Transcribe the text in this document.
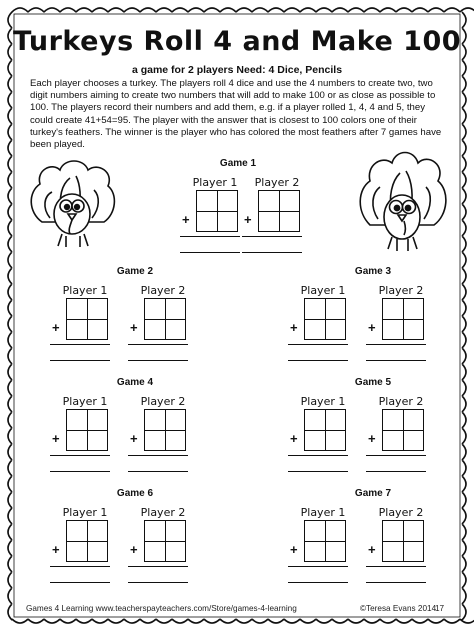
Turkeys Roll 4 and Make 100
a game for 2 players Need: 4 Dice, Pencils
Each player chooses a turkey. The players roll 4 dice and use the 4 numbers to create two, two digit numbers aiming to create two numbers that will add to make 100 or as close as possible to 100. The players record their numbers and add them, e.g. if a player rolled 1, 4, 4 and 5, they could create 41+54=95. The player with the answer that is closest to 100 colors one of their turkey's feathers. The winner is the player who has colored the most feathers after 7 games have been played.
Game 1
Player 1
+
Player 2
+
Game 2
Player 1
+
Player 2
+
Game 3
Player 1
+
Player 2
+
Game 4
Player 1
+
Player 2
+
Game 5
Player 1
+
Player 2
+
Game 6
Player 1
+
Player 2
+
Game 7
Player 1
+
Player 2
+
Games 4 Learning www.teacherspayteachers.com/Store/games-4-learning	©Teresa Evans 2014
17
